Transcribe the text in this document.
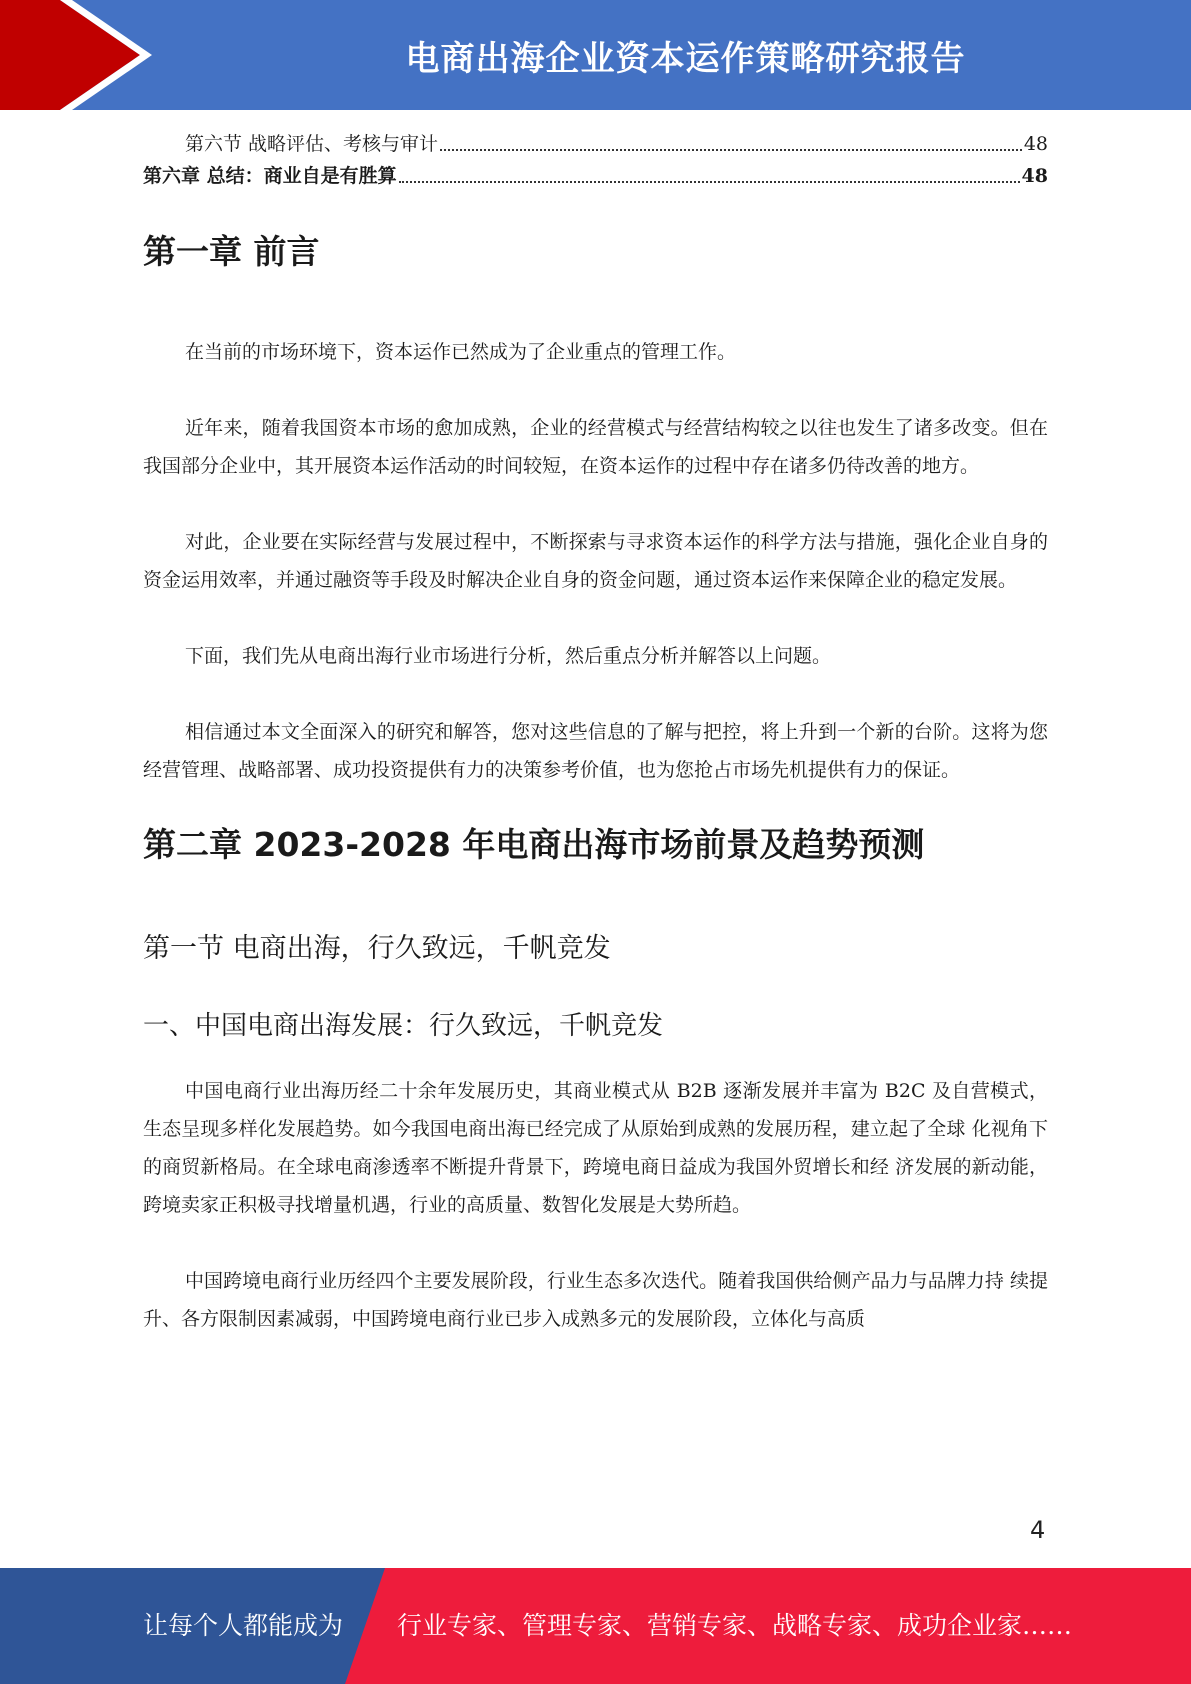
电商出海企业资本运作策略研究报告
第六节 战略评估、考核与审计	48
第六章 总结：商业自是有胜算	48
第一章 前言

在当前的市场环境下，资本运作已然成为了企业重点的管理工作。

近年来，随着我国资本市场的愈加成熟，企业的经营模式与经营结构较之以往也发生了诸多改变。但在我国部分企业中，其开展资本运作活动的时间较短，在资本运作的过程中存在诸多仍待改善的地方。

对此，企业要在实际经营与发展过程中，不断探索与寻求资本运作的科学方法与措施，强化企业自身的资金运用效率，并通过融资等手段及时解决企业自身的资金问题，通过资本运作来保障企业的稳定发展。

下面，我们先从电商出海行业市场进行分析，然后重点分析并解答以上问题。

相信通过本文全面深入的研究和解答，您对这些信息的了解与把控，将上升到一个新的台阶。这将为您经营管理、战略部署、成功投资提供有力的决策参考价值，也为您抢占市场先机提供有力的保证。

第二章 2023-2028 年电商出海市场前景及趋势预测
第一节 电商出海，行久致远，千帆竞发
一、中国电商出海发展：行久致远，千帆竞发

中国电商行业出海历经二十余年发展历史，其商业模式从 B2B 逐渐发展并丰富为 B2C 及自营模式， 生态呈现多样化发展趋势。如今我国电商出海已经完成了从原始到成熟的发展历程，建立起了全球 化视角下的商贸新格局。在全球电商渗透率不断提升背景下，跨境电商日益成为我国外贸增长和经 济发展的新动能，跨境卖家正积极寻找增量机遇，行业的高质量、数智化发展是大势所趋。

中国跨境电商行业历经四个主要发展阶段，行业生态多次迭代。随着我国供给侧产品力与品牌力持 续提升、各方限制因素减弱，中国跨境电商行业已步入成熟多元的发展阶段，立体化与高质

4
让每个人都能成为 行业专家、管理专家、营销专家、战略专家、成功企业家……
